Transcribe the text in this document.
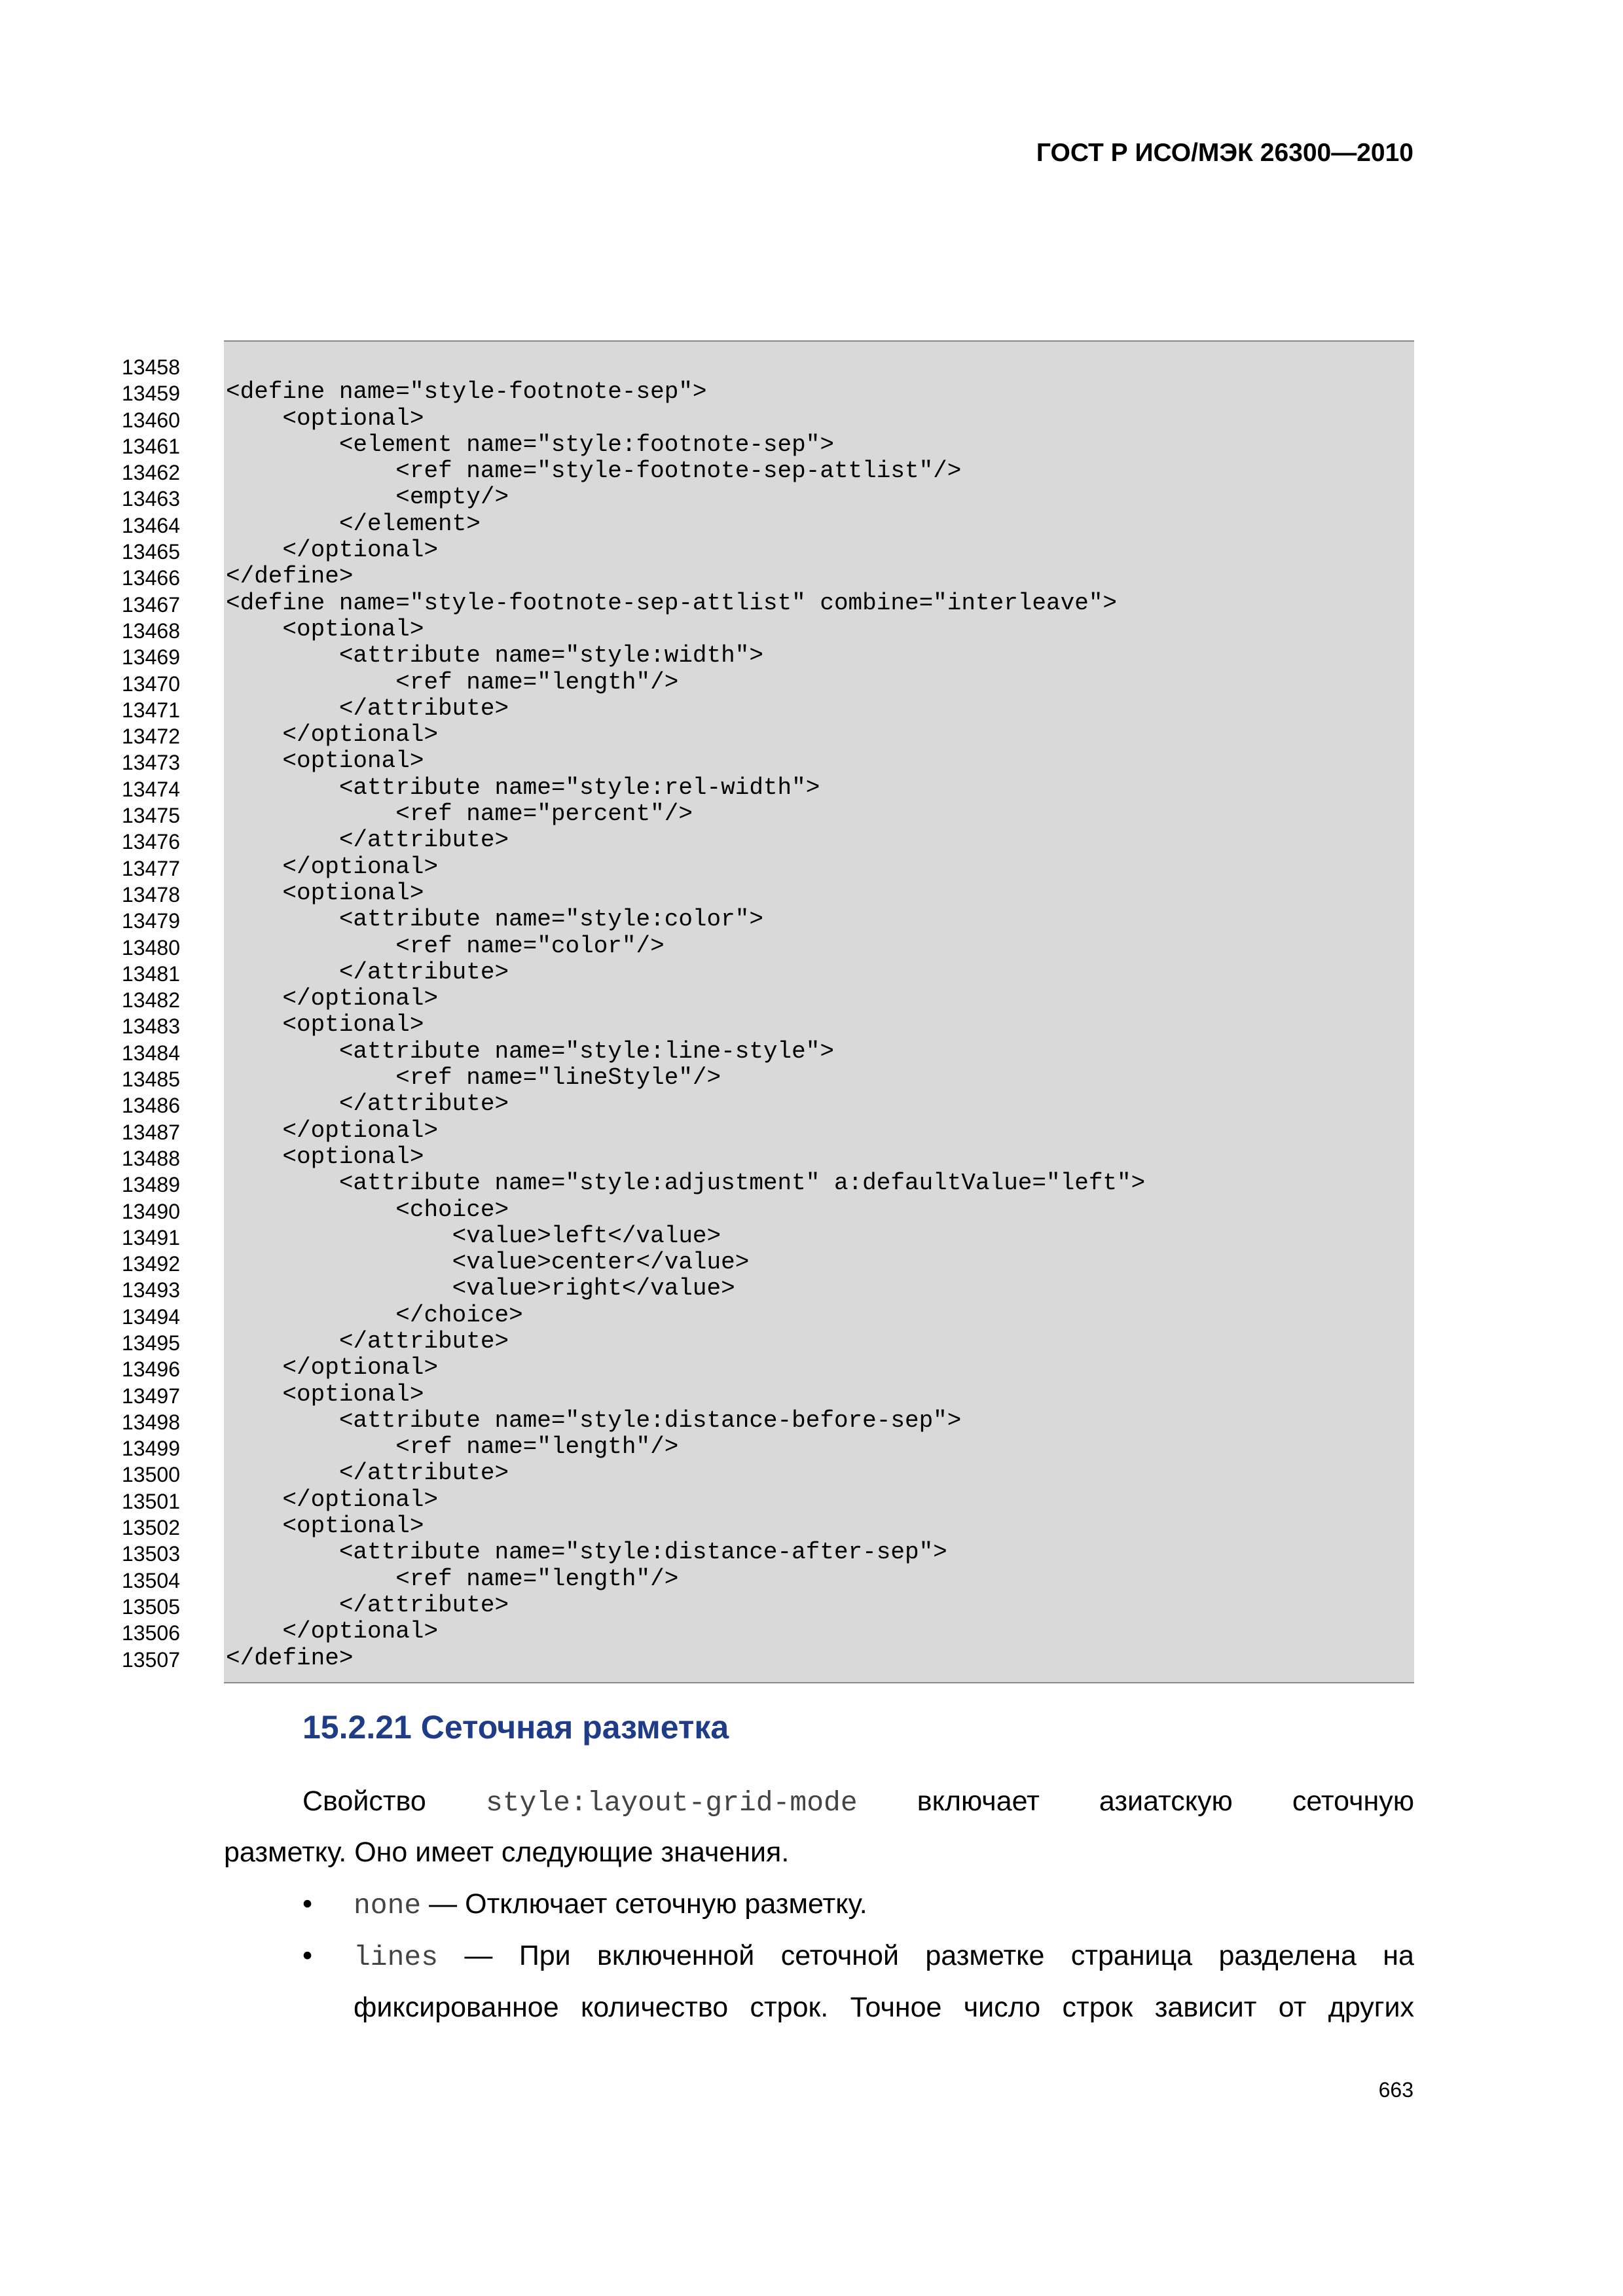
ГОСТ Р ИСО/МЭК 26300—2010
13458
13459 <define name="style-footnote-sep">
13460 <optional>
13461 <element name="style:footnote-sep">
13462 <ref name="style-footnote-sep-attlist"/>
13463 <empty/>
13464 </element>
13465 </optional>
13466 </define>
13467 <define name="style-footnote-sep-attlist" combine="interleave">
13468 <optional>
13469 <attribute name="style:width">
13470 <ref name="length"/>
13471 </attribute>
13472 </optional>
13473 <optional>
13474 <attribute name="style:rel-width">
13475 <ref name="percent"/>
13476 </attribute>
13477 </optional>
13478 <optional>
13479 <attribute name="style:color">
13480 <ref name="color"/>
13481 </attribute>
13482 </optional>
13483 <optional>
13484 <attribute name="style:line-style">
13485 <ref name="lineStyle"/>
13486 </attribute>
13487 </optional>
13488 <optional>
13489 <attribute name="style:adjustment" a:defaultValue="left">
13490 <choice>
13491 <value>left</value>
13492 <value>center</value>
13493 <value>right</value>
13494 </choice>
13495 </attribute>
13496 </optional>
13497 <optional>
13498 <attribute name="style:distance-before-sep">
13499 <ref name="length"/>
13500 </attribute>
13501 </optional>
13502 <optional>
13503 <attribute name="style:distance-after-sep">
13504 <ref name="length"/>
13505 </attribute>
13506 </optional>
13507 </define>
15.2.21 Сеточная разметка
Свойство style:layout-grid-mode включает азиатскую сеточную
разметку. Оно имеет следующие значения.
• none — Отключает сеточную разметку.
• lines — При включенной сеточной разметке страница разделена на
фиксированное количество строк. Точное число строк зависит от других
663
